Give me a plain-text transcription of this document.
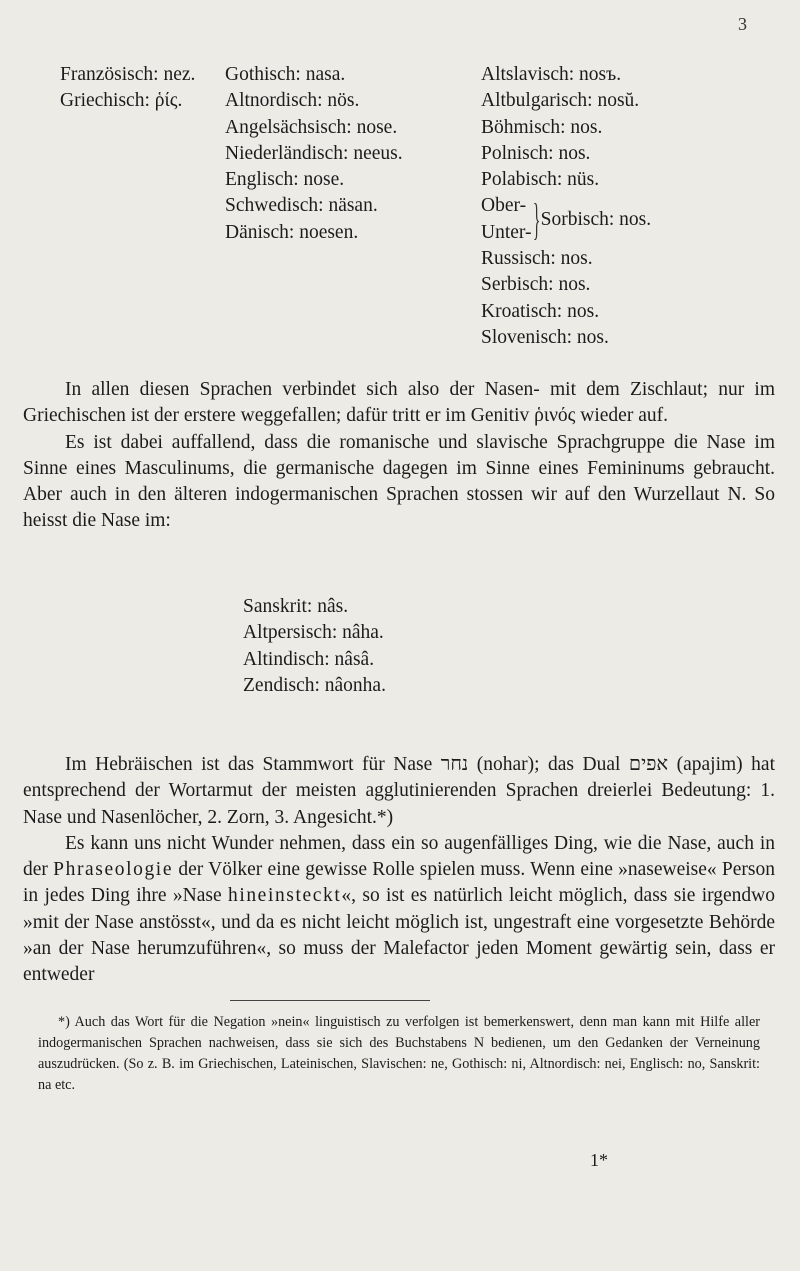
3
Französisch: nez.
Griechisch: ῥίς.
Gothisch: nasa.
Altnordisch: nös.
Angelsächsisch: nose.
Niederländisch: neeus.
Englisch: nose.
Schwedisch: näsan.
Dänisch: noesen.
Altslavisch: nosъ.
Altbulgarisch: nosŭ.
Böhmisch: nos.
Polnisch: nos.
Polabisch: nüs.
Ober-
Unter- } Sorbisch: nos.
Russisch: nos.
Serbisch: nos.
Kroatisch: nos.
Slovenisch: nos.

In allen diesen Sprachen verbindet sich also der Nasen- mit dem Zischlaut; nur im Griechischen ist der erstere weggefallen; dafür tritt er im Genitiv ῥινός wieder auf.

Es ist dabei auffallend, dass die romanische und slavische Sprachgruppe die Nase im Sinne eines Masculinums, die germanische dagegen im Sinne eines Femininums gebraucht. Aber auch in den älteren indogermanischen Sprachen stossen wir auf den Wurzellaut N. So heisst die Nase im:

Sanskrit: nâs.
Altpersisch: nâha.
Altindisch: nâsâ.
Zendisch: nâonha.

Im Hebräischen ist das Stammwort für Nase נחר (nohar); das Dual אפים (apajim) hat entsprechend der Wortarmut der meisten agglutinierenden Sprachen dreierlei Bedeutung: 1. Nase und Nasenlöcher, 2. Zorn, 3. Angesicht.*)

Es kann uns nicht Wunder nehmen, dass ein so augenfälliges Ding, wie die Nase, auch in der Phraseologie der Völker eine gewisse Rolle spielen muss. Wenn eine »naseweise« Person in jedes Ding ihre »Nase hineinsteckt«, so ist es natürlich leicht möglich, dass sie irgendwo »mit der Nase anstösst«, und da es nicht leicht möglich ist, ungestraft eine vorgesetzte Behörde »an der Nase herumzuführen«, so muss der Malefactor jeden Moment gewärtig sein, dass er entweder

*) Auch das Wort für die Negation »nein« linguistisch zu verfolgen ist bemerkenswert, denn man kann mit Hilfe aller indogermanischen Sprachen nachweisen, dass sie sich des Buchstabens N bedienen, um den Gedanken der Verneinung auszudrücken. (So z. B. im Griechischen, Lateinischen, Slavischen: ne, Gothisch: ni, Altnordisch: nei, Englisch: no, Sanskrit: na etc.

1*
